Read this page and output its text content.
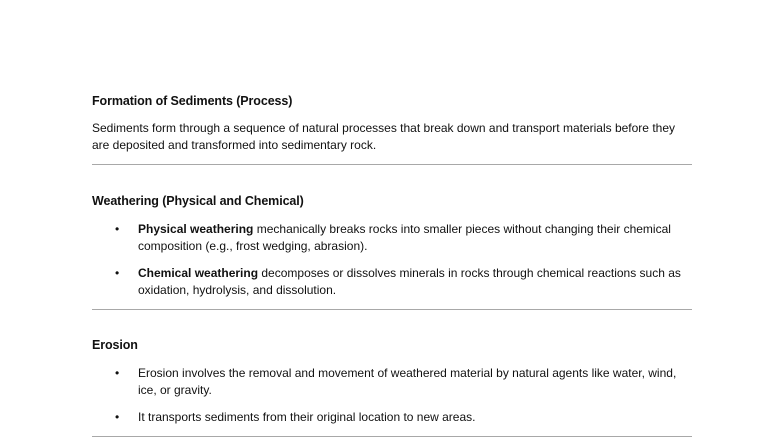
Formation of Sediments (Process)

Sediments form through a sequence of natural processes that break down and transport materials before they are deposited and transformed into sedimentary rock.

Weathering (Physical and Chemical)

• Physical weathering mechanically breaks rocks into smaller pieces without changing their chemical composition (e.g., frost wedging, abrasion).
• Chemical weathering decomposes or dissolves minerals in rocks through chemical reactions such as oxidation, hydrolysis, and dissolution.

Erosion

• Erosion involves the removal and movement of weathered material by natural agents like water, wind, ice, or gravity.
• It transports sediments from their original location to new areas.
